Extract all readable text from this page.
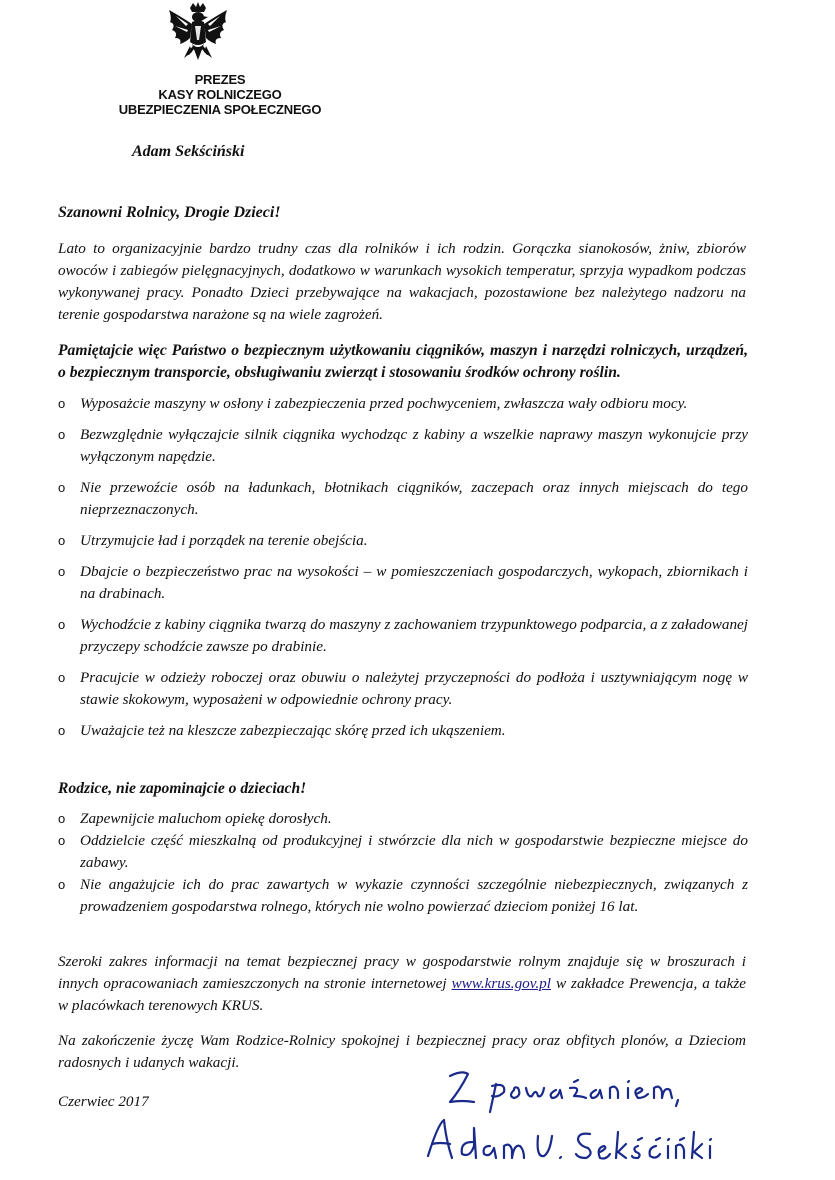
PREZES
KASY ROLNICZEGO
UBEZPIECZENIA SPOŁECZNEGO
Adam Sekściński
Szanowni Rolnicy, Drogie Dzieci!
Lato to organizacyjnie bardzo trudny czas dla rolników i ich rodzin. Gorączka sianokosów, żniw, zbiorów owoców i zabiegów pielęgnacyjnych, dodatkowo w warunkach wysokich temperatur, sprzyja wypadkom podczas wykonywanej pracy. Ponadto Dzieci przebywające na wakacjach, pozostawione bez należytego nadzoru na terenie gospodarstwa narażone są na wiele zagrożeń.
Pamiętajcie więc Państwo o bezpiecznym użytkowaniu ciągników, maszyn i narzędzi rolniczych, urządzeń, o bezpiecznym transporcie, obsługiwaniu zwierząt i stosowaniu środków ochrony roślin.
o Wyposażcie maszyny w osłony i zabezpieczenia przed pochwyceniem, zwłaszcza wały odbioru mocy.
o Bezwzględnie wyłączajcie silnik ciągnika wychodząc z kabiny a wszelkie naprawy maszyn wykonujcie przy wyłączonym napędzie.
o Nie przewoźcie osób na ładunkach, błotnikach ciągników, zaczepach oraz innych miejscach do tego nieprzeznaczonych.
o Utrzymujcie ład i porządek na terenie obejścia.
o Dbajcie o bezpieczeństwo prac na wysokości – w pomieszczeniach gospodarczych, wykopach, zbiornikach i na drabinach.
o Wychodźcie z kabiny ciągnika twarzą do maszyny z zachowaniem trzypunktowego podparcia, a z załadowanej przyczepy schodźcie zawsze po drabinie.
o Pracujcie w odzieży roboczej oraz obuwiu o należytej przyczepności do podłoża i usztywniającym nogę w stawie skokowym, wyposażeni w odpowiednie ochrony pracy.
o Uważajcie też na kleszcze zabezpieczając skórę przed ich ukąszeniem.
Rodzice, nie zapominajcie o dzieciach!
o Zapewnijcie maluchom opiekę dorosłych.
o Oddzielcie część mieszkalną od produkcyjnej i stwórzcie dla nich w gospodarstwie bezpieczne miejsce do zabawy.
o Nie angażujcie ich do prac zawartych w wykazie czynności szczególnie niebezpiecznych, związanych z prowadzeniem gospodarstwa rolnego, których nie wolno powierzać dzieciom poniżej 16 lat.
Szeroki zakres informacji na temat bezpiecznej pracy w gospodarstwie rolnym znajduje się w broszurach i innych opracowaniach zamieszczonych na stronie internetowej www.krus.gov.pl w zakładce Prewencja, a także w placówkach terenowych KRUS.
Na zakończenie życzę Wam Rodzice-Rolnicy spokojnej i bezpiecznej pracy oraz obfitych plonów, a Dzieciom radosnych i udanych wakacji.
Czerwiec 2017
